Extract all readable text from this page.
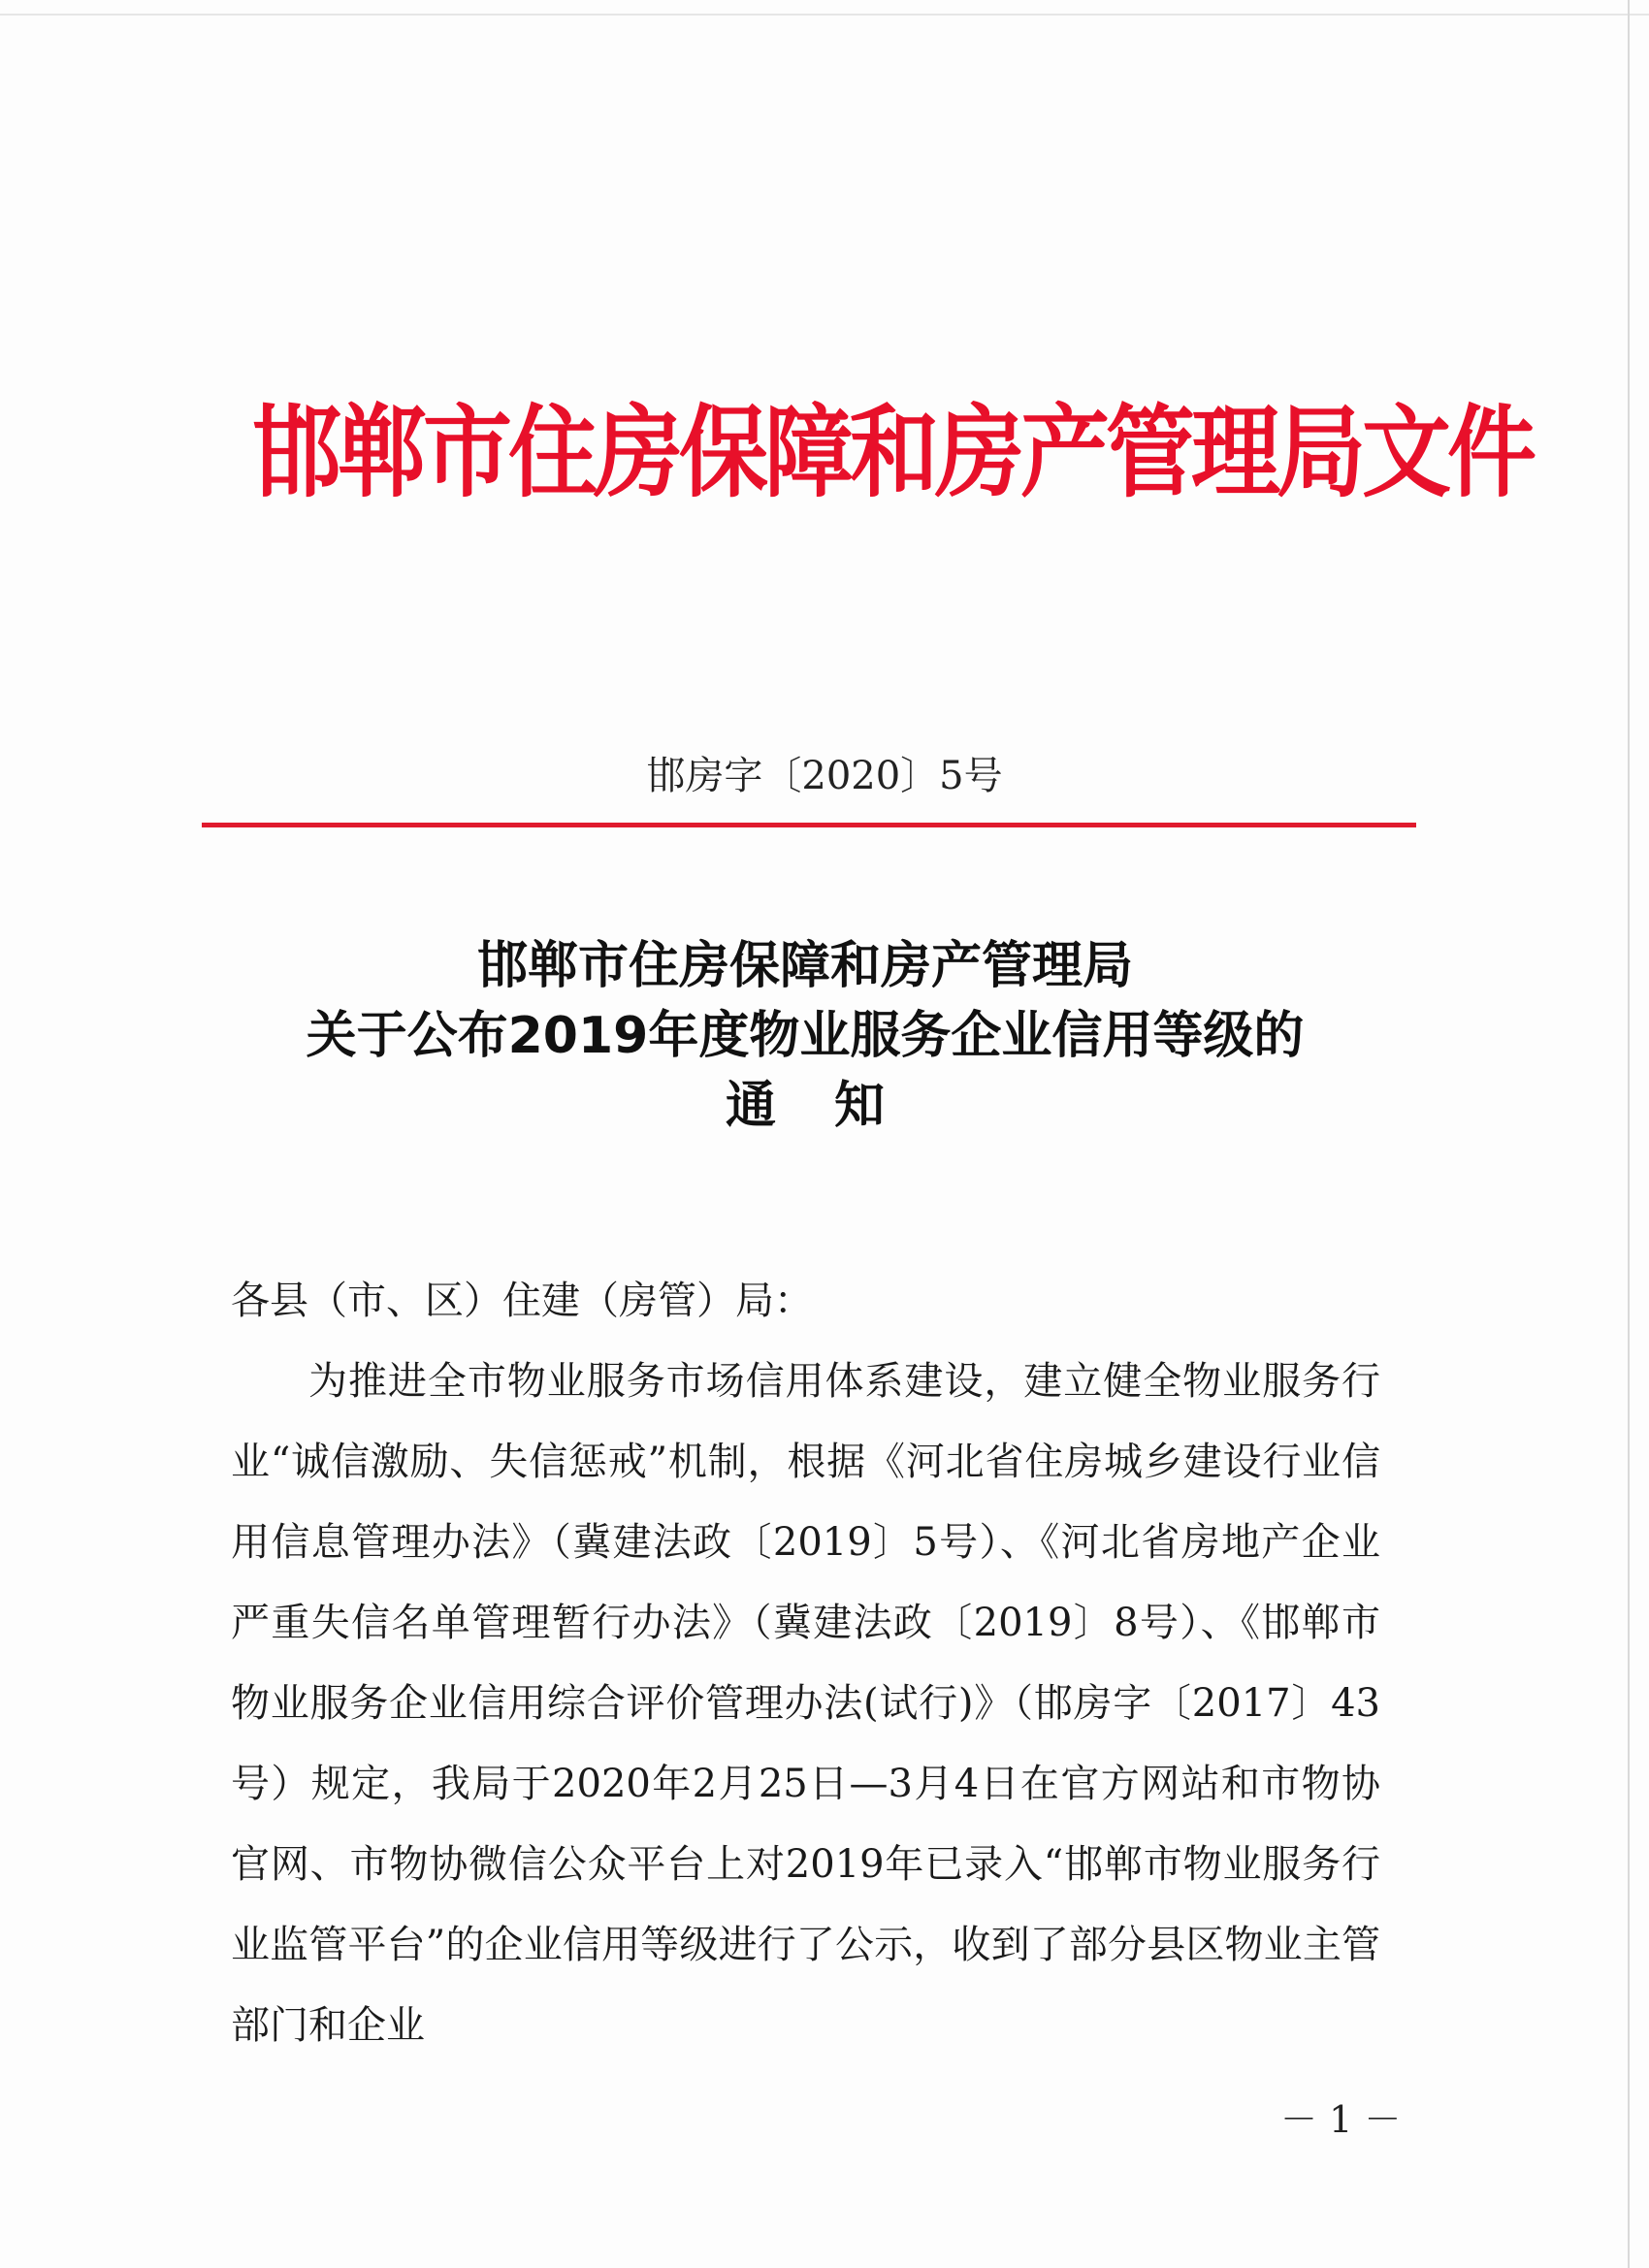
邯郸市住房保障和房产管理局文件
邯房字〔2020〕5号
邯郸市住房保障和房产管理局
关于公布2019年度物业服务企业信用等级的
通知

各县（市、区）住建（房管）局：

为推进全市物业服务市场信用体系建设，建立健全物业服务行业“诚信激励、失信惩戒”机制，根据《河北省住房城乡建设行业信用信息管理办法》（冀建法政〔2019〕5号）、《河北省房地产企业严重失信名单管理暂行办法》（冀建法政〔2019〕8号）、《邯郸市物业服务企业信用综合评价管理办法(试行)》（邯房字〔2017〕43号）规定，我局于2020年2月25日—3月4日在官方网站和市物协官网、市物协微信公众平台上对2019年已录入“邯郸市物业服务行业监管平台”的企业信用等级进行了公示，收到了部分县区物业主管部门和企业

－ 1 －
